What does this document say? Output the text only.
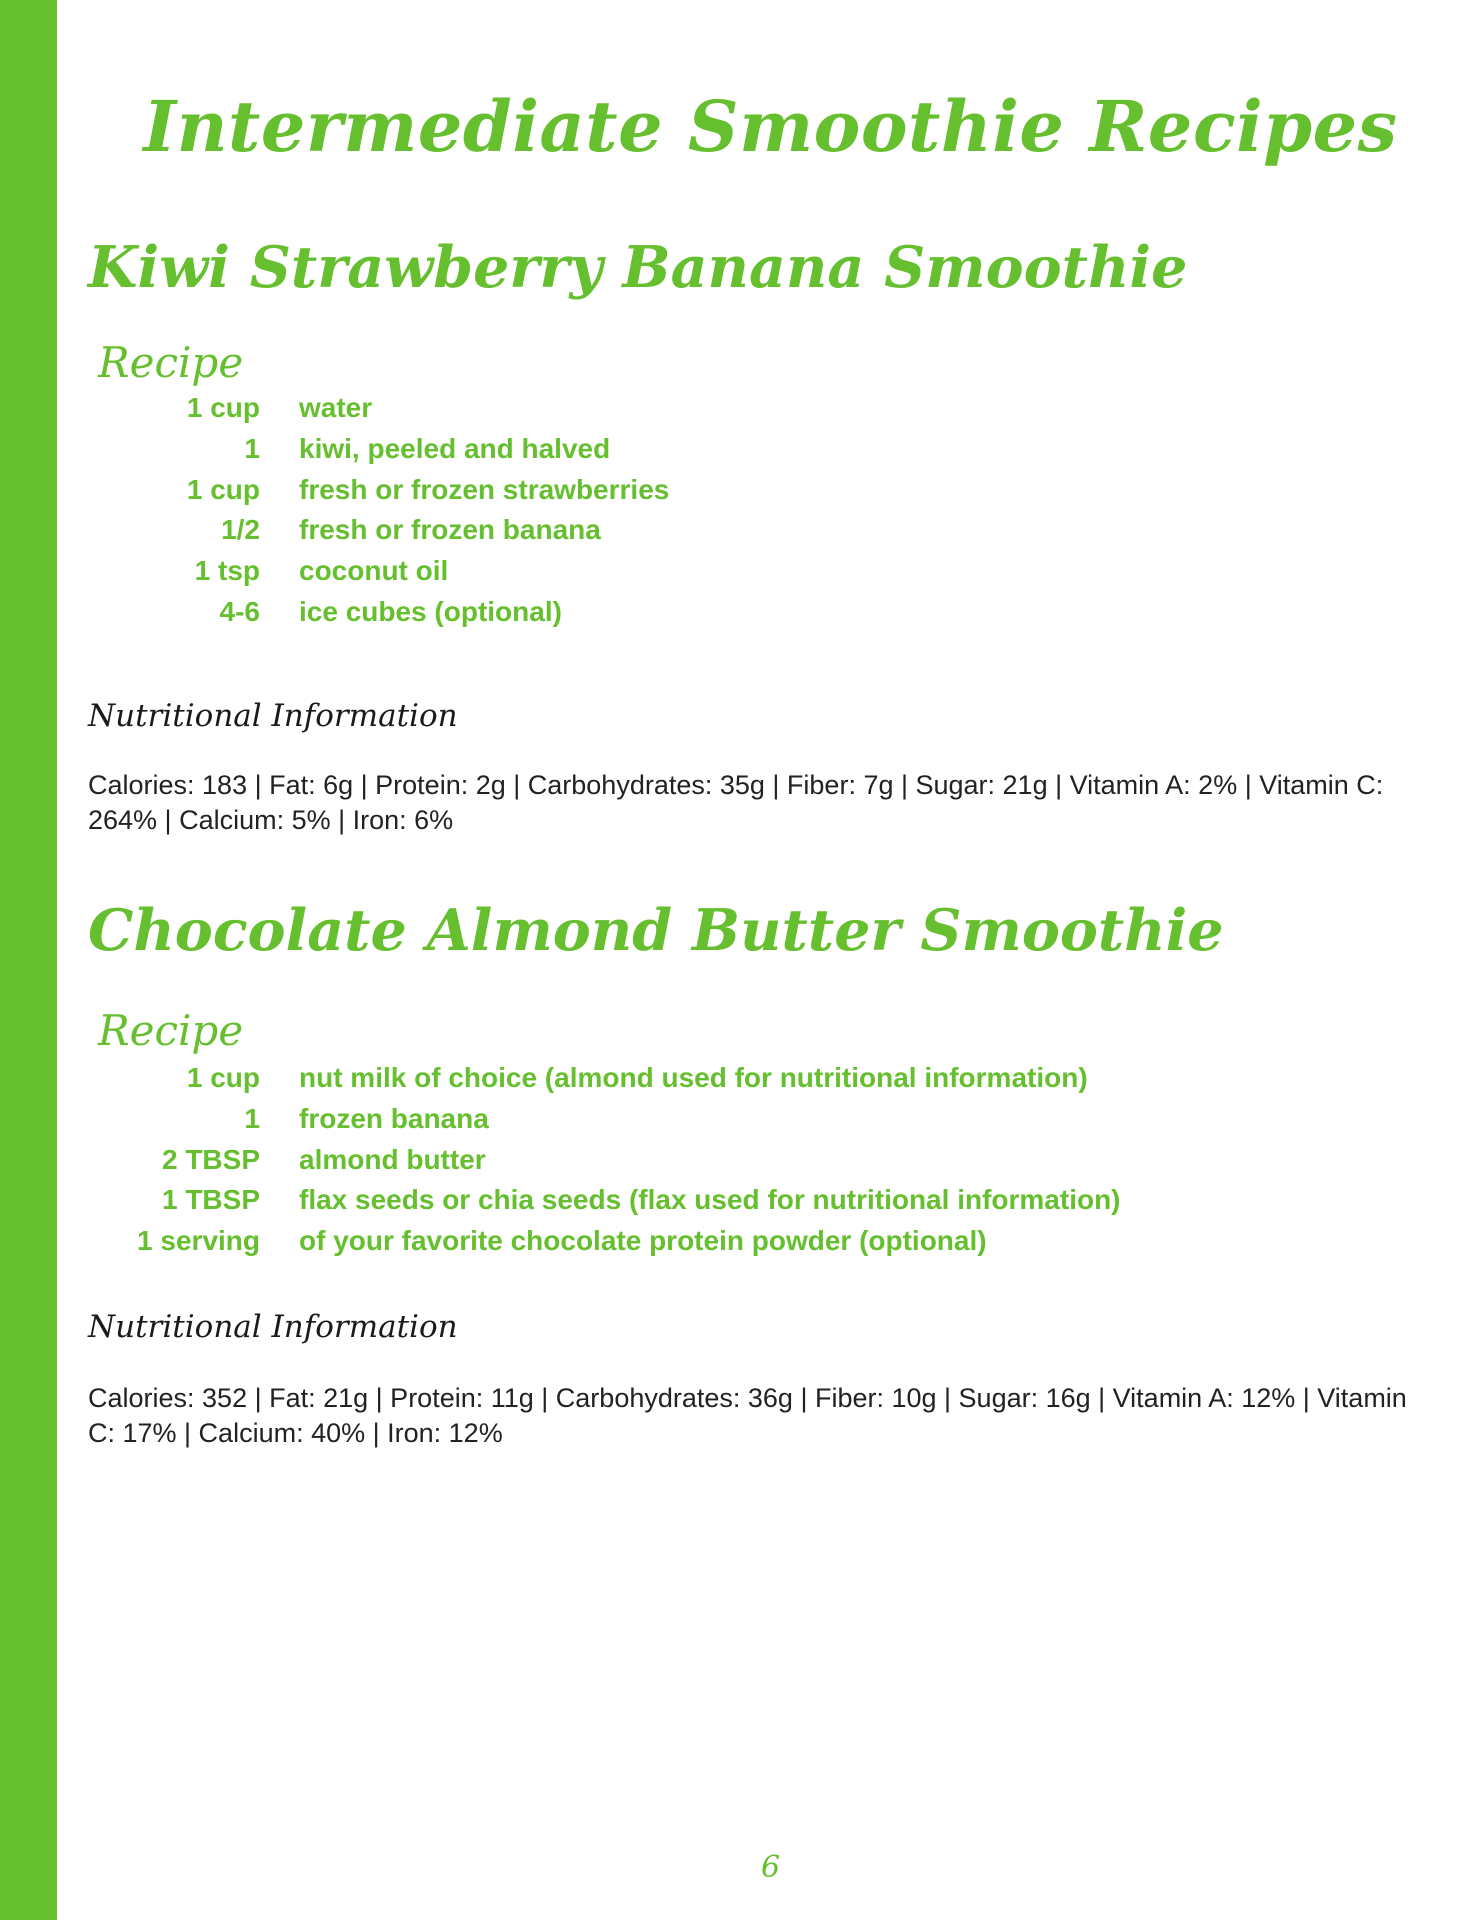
Intermediate Smoothie Recipes
Kiwi Strawberry Banana Smoothie
Recipe
1 cup water
1 kiwi, peeled and halved
1 cup fresh or frozen strawberries
1/2 fresh or frozen banana
1 tsp coconut oil
4-6 ice cubes (optional)
Nutritional Information

Calories: 183 | Fat: 6g | Protein: 2g | Carbohydrates: 35g | Fiber: 7g | Sugar: 21g | Vitamin A: 2% | Vitamin C: 264% | Calcium: 5% | Iron: 6%

Chocolate Almond Butter Smoothie
Recipe
1 cup nut milk of choice (almond used for nutritional information)
1 frozen banana
2 TBSP almond butter
1 TBSP flax seeds or chia seeds (flax used for nutritional information)
1 serving of your favorite chocolate protein powder (optional)
Nutritional Information

Calories: 352 | Fat: 21g | Protein: 11g | Carbohydrates: 36g | Fiber: 10g | Sugar: 16g | Vitamin A: 12% | Vitamin C: 17% | Calcium: 40% | Iron: 12%

6
